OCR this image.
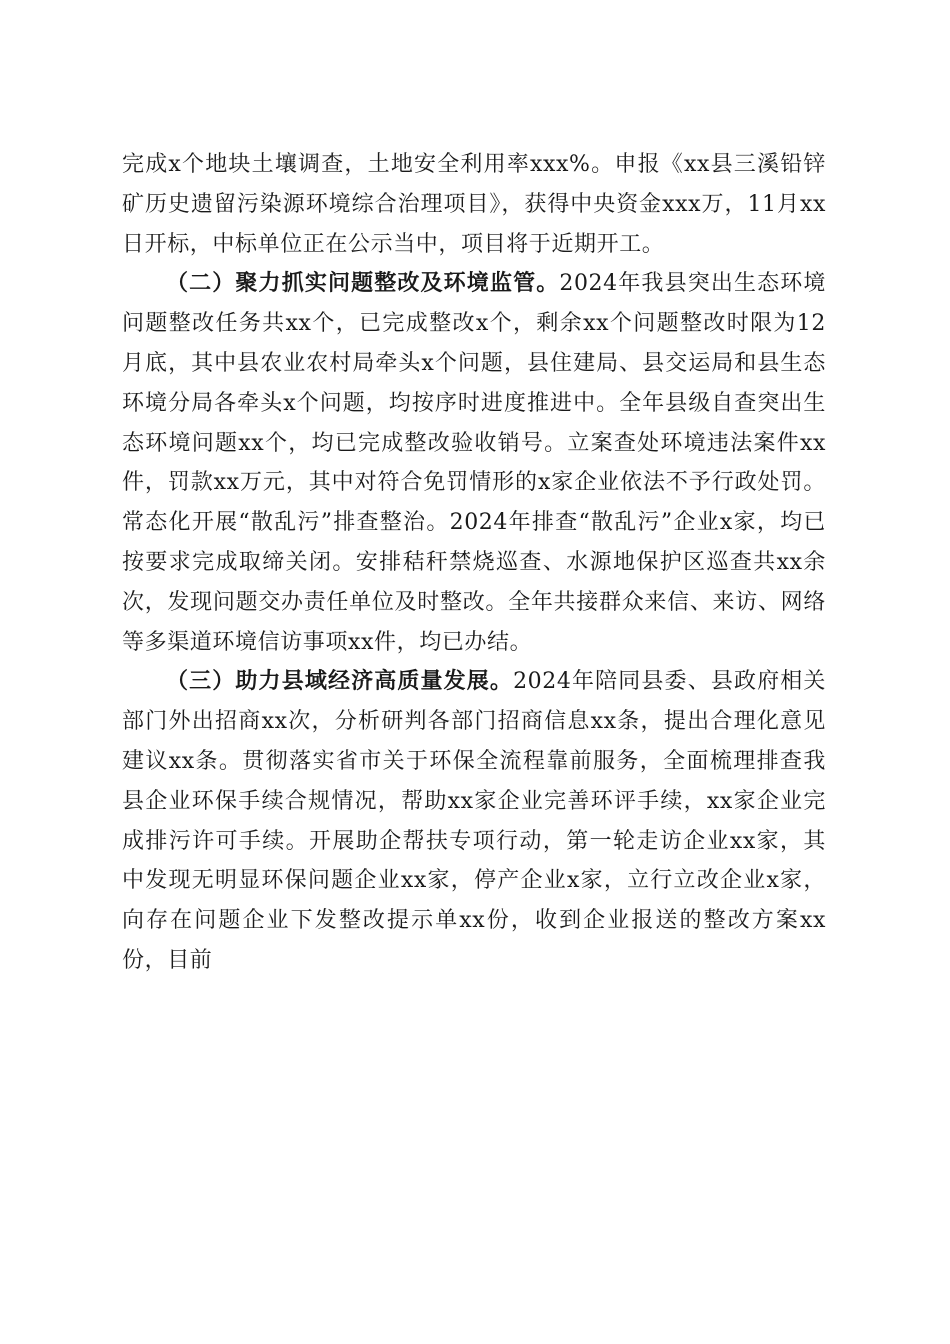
完成x个地块土壤调查，土地安全利用率xxx%。申报《xx县三溪铅锌矿历史遗留污染源环境综合治理项目》，获得中央资金xxx万，11月xx日开标，中标单位正在公示当中，项目将于近期开工。

（二）聚力抓实问题整改及环境监管。2024年我县突出生态环境问题整改任务共xx个，已完成整改x个，剩余xx个问题整改时限为12月底，其中县农业农村局牵头x个问题，县住建局、县交运局和县生态环境分局各牵头x个问题，均按序时进度推进中。全年县级自查突出生态环境问题xx个，均已完成整改验收销号。立案查处环境违法案件xx件，罚款xx万元，其中对符合免罚情形的x家企业依法不予行政处罚。常态化开展“散乱污”排查整治。2024年排查“散乱污”企业x家，均已按要求完成取缔关闭。安排秸秆禁烧巡查、水源地保护区巡查共xx余次，发现问题交办责任单位及时整改。全年共接群众来信、来访、网络等多渠道环境信访事项xx件，均已办结。

（三）助力县域经济高质量发展。2024年陪同县委、县政府相关部门外出招商xx次，分析研判各部门招商信息xx条，提出合理化意见建议xx条。贯彻落实省市关于环保全流程靠前服务，全面梳理排查我县企业环保手续合规情况，帮助xx家企业完善环评手续，xx家企业完成排污许可手续。开展助企帮扶专项行动，第一轮走访企业xx家，其中发现无明显环保问题企业xx家，停产企业x家，立行立改企业x家，向存在问题企业下发整改提示单xx份，收到企业报送的整改方案xx份，目前
